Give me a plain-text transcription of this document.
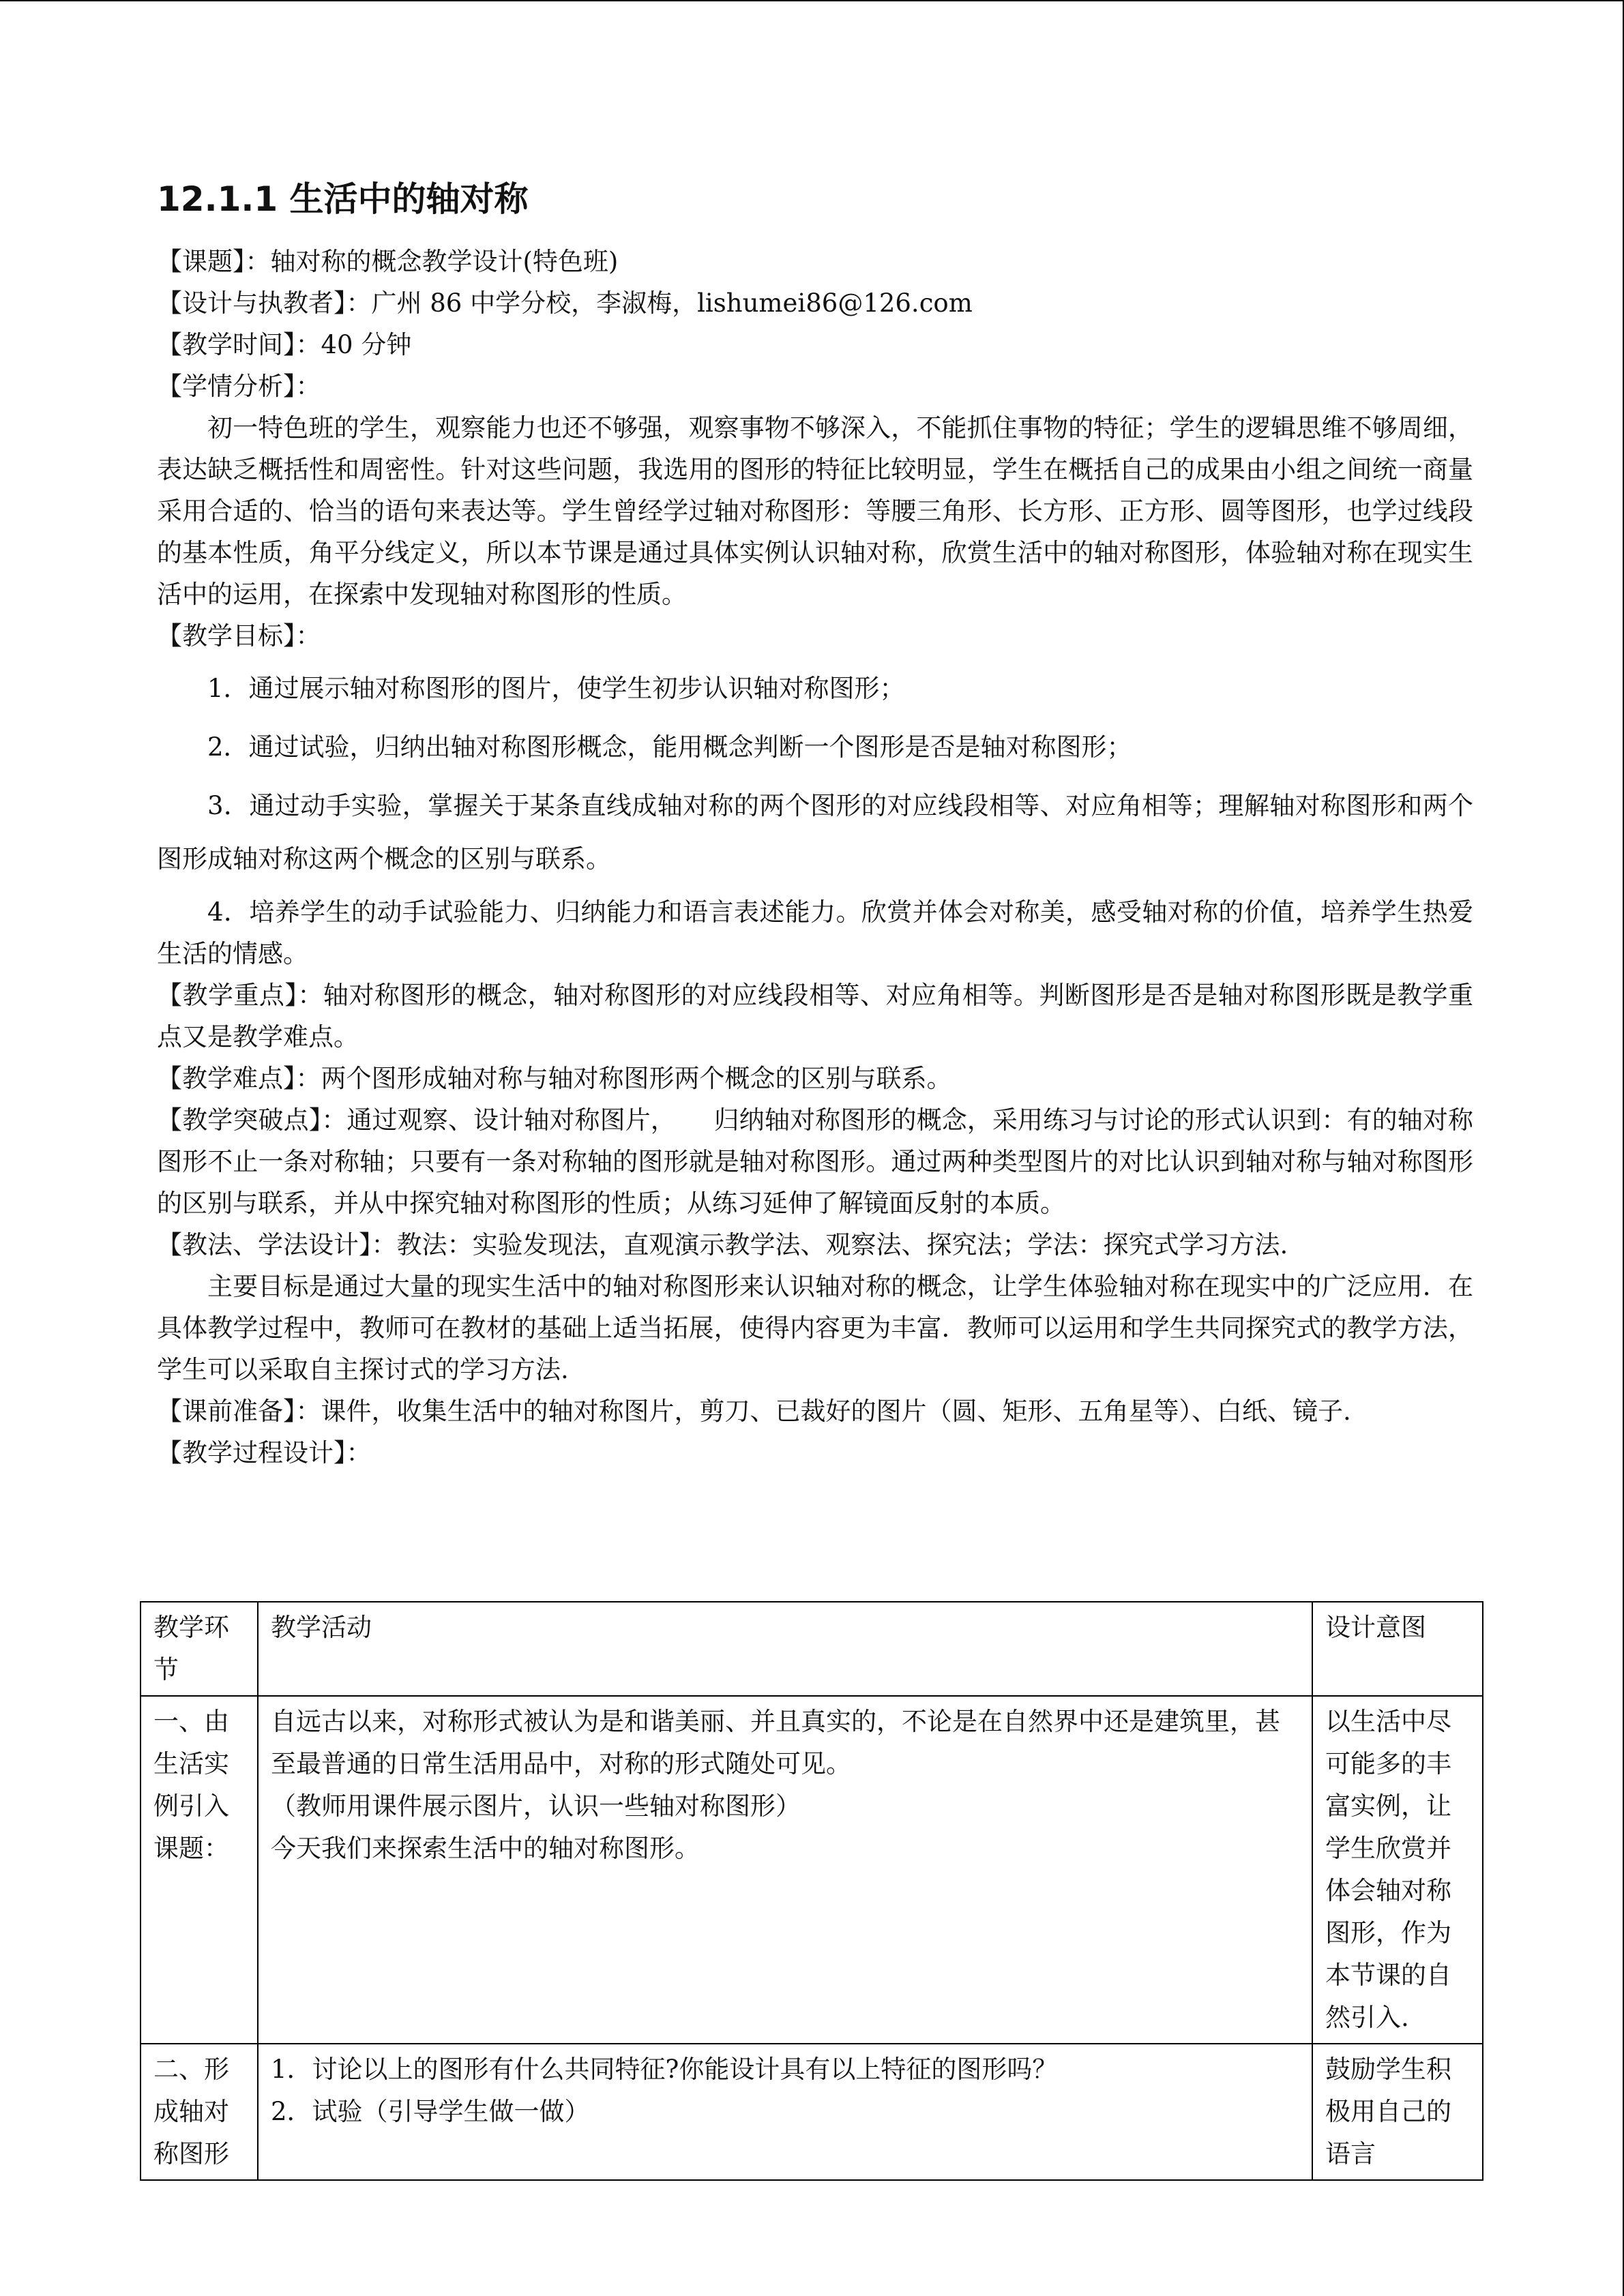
12.1.1 生活中的轴对称

【课题】：轴对称的概念教学设计(特色班)

【设计与执教者】：广州 86 中学分校，李淑梅，lishumei86@126.com

【教学时间】：40 分钟

【学情分析】：

初一特色班的学生，观察能力也还不够强，观察事物不够深入，不能抓住事物的特征；学生的逻辑思维不够周细，表达缺乏概括性和周密性。针对这些问题，我选用的图形的特征比较明显，学生在概括自己的成果由小组之间统一商量采用合适的、恰当的语句来表达等。学生曾经学过轴对称图形：等腰三角形、长方形、正方形、圆等图形，也学过线段的基本性质，角平分线定义，所以本节课是通过具体实例认识轴对称，欣赏生活中的轴对称图形，体验轴对称在现实生活中的运用，在探索中发现轴对称图形的性质。

【教学目标】：

1．通过展示轴对称图形的图片，使学生初步认识轴对称图形；

2．通过试验，归纳出轴对称图形概念，能用概念判断一个图形是否是轴对称图形；

3．通过动手实验，掌握关于某条直线成轴对称的两个图形的对应线段相等、对应角相等；理解轴对称图形和两个图形成轴对称这两个概念的区别与联系。

4．培养学生的动手试验能力、归纳能力和语言表述能力。欣赏并体会对称美，感受轴对称的价值，培养学生热爱生活的情感。

【教学重点】：轴对称图形的概念，轴对称图形的对应线段相等、对应角相等。判断图形是否是轴对称图形既是教学重点又是教学难点。

【教学难点】：两个图形成轴对称与轴对称图形两个概念的区别与联系。

【教学突破点】：通过观察、设计轴对称图片，　　归纳轴对称图形的概念，采用练习与讨论的形式认识到：有的轴对称图形不止一条对称轴；只要有一条对称轴的图形就是轴对称图形。通过两种类型图片的对比认识到轴对称与轴对称图形的区别与联系，并从中探究轴对称图形的性质；从练习延伸了解镜面反射的本质。

【教法、学法设计】：教法：实验发现法，直观演示教学法、观察法、探究法；学法：探究式学习方法.

主要目标是通过大量的现实生活中的轴对称图形来认识轴对称的概念，让学生体验轴对称在现实中的广泛应用．在具体教学过程中，教师可在教材的基础上适当拓展，使得内容更为丰富．教师可以运用和学生共同探究式的教学方法，学生可以采取自主探讨式的学习方法.

【课前准备】：课件，收集生活中的轴对称图片，剪刀、已裁好的图片（圆、矩形、五角星等）、白纸、镜子.

【教学过程设计】：

教学环节	教学活动	设计意图
一、由生活实例引入课题：	自远古以来，对称形式被认为是和谐美丽、并且真实的，不论是在自然界中还是建筑里，甚至最普通的日常生活用品中，对称的形式随处可见。

（教师用课件展示图片，认识一些轴对称图形）

今天我们来探索生活中的轴对称图形。	以生活中尽可能多的丰富实例，让学生欣赏并体会轴对称图形，作为本节课的自然引入.
二、形成轴对称图形	1．讨论以上的图形有什么共同特征?你能设计具有以上特征的图形吗？

2．试验（引导学生做一做）	鼓励学生积极用自己的语言
